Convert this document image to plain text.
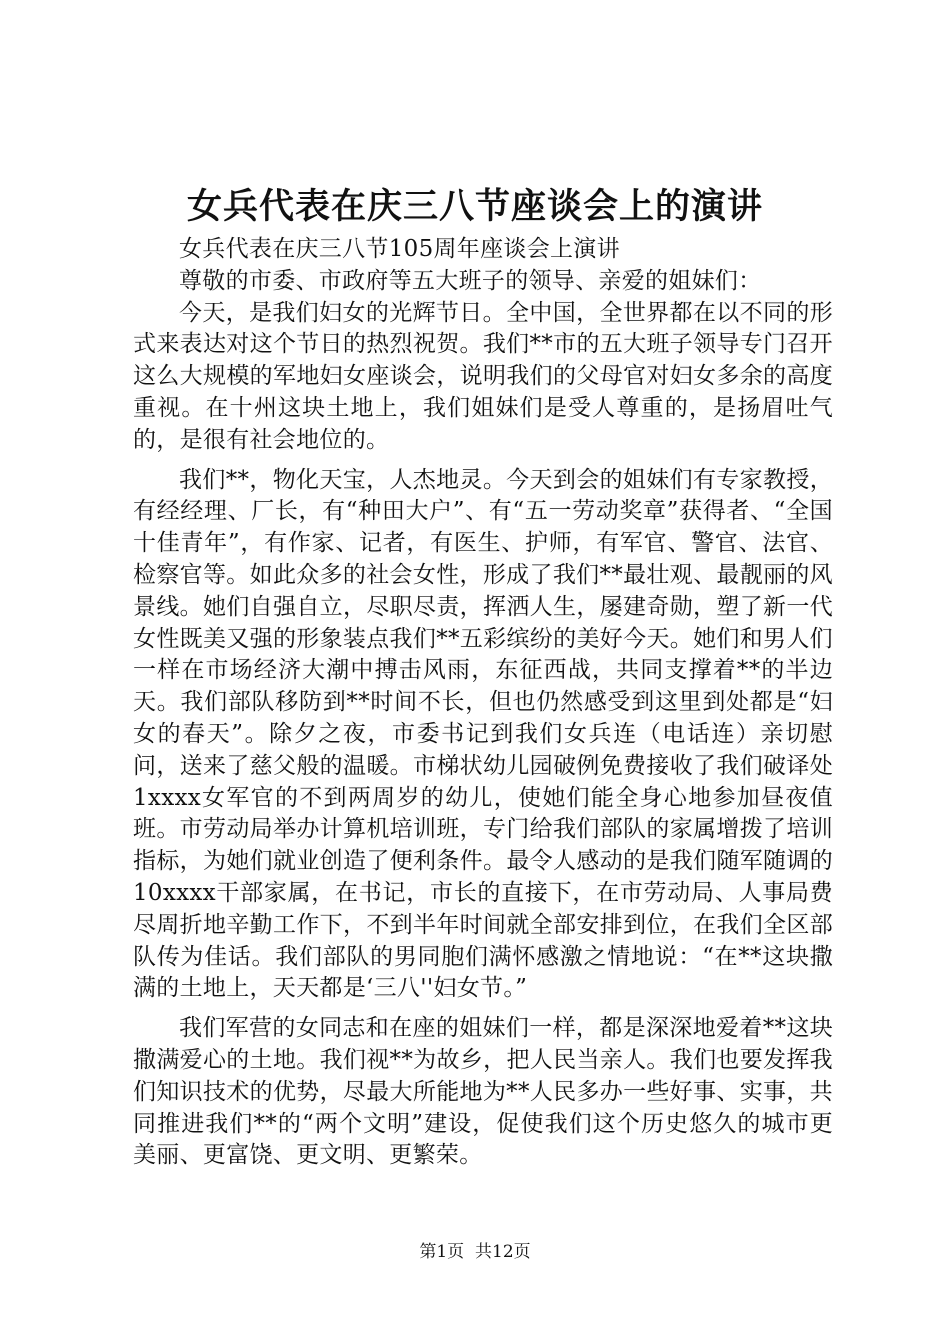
女兵代表在庆三八节座谈会上的演讲

女兵代表在庆三八节105周年座谈会上演讲

尊敬的市委、市政府等五大班子的领导、亲爱的姐妹们：

今天，是我们妇女的光辉节日。全中国，全世界都在以不同的形式来表达对这个节日的热烈祝贺。我们**市的五大班子领导专门召开这么大规模的军地妇女座谈会，说明我们的父母官对妇女多余的高度重视。在十州这块土地上，我们姐妹们是受人尊重的，是扬眉吐气的，是很有社会地位的。

我们**，物化天宝，人杰地灵。今天到会的姐妹们有专家教授，有经经理、厂长，有“种田大户”、有“五一劳动奖章”获得者、“全国十佳青年”，有作家、记者，有医生、护师，有军官、警官、法官、检察官等。如此众多的社会女性，形成了我们**最壮观、最靓丽的风景线。她们自强自立，尽职尽责，挥洒人生，屡建奇勋，塑了新一代女性既美又强的形象装点我们**五彩缤纷的美好今天。她们和男人们一样在市场经济大潮中搏击风雨，东征西战，共同支撑着**的半边天。我们部队移防到**时间不长，但也仍然感受到这里到处都是“妇女的春天”。除夕之夜，市委书记到我们女兵连（电话连）亲切慰问，送来了慈父般的温暖。市梯状幼儿园破例免费接收了我们破译处1xxxx女军官的不到两周岁的幼儿，使她们能全身心地参加昼夜值班。市劳动局举办计算机培训班，专门给我们部队的家属增拨了培训指标，为她们就业创造了便利条件。最令人感动的是我们随军随调的10xxxx干部家属，在书记，市长的直接下，在市劳动局、人事局费尽周折地辛勤工作下，不到半年时间就全部安排到位，在我们全区部队传为佳话。我们部队的男同胞们满怀感激之情地说：“在**这块撒满的土地上，天天都是‘三八''妇女节。”

我们军营的女同志和在座的姐妹们一样，都是深深地爱着**这块撒满爱心的土地。我们视**为故乡，把人民当亲人。我们也要发挥我们知识技术的优势，尽最大所能地为**人民多办一些好事、实事，共同推进我们**的“两个文明”建设，促使我们这个历史悠久的城市更美丽、更富饶、更文明、更繁荣。

第1页 共12页
